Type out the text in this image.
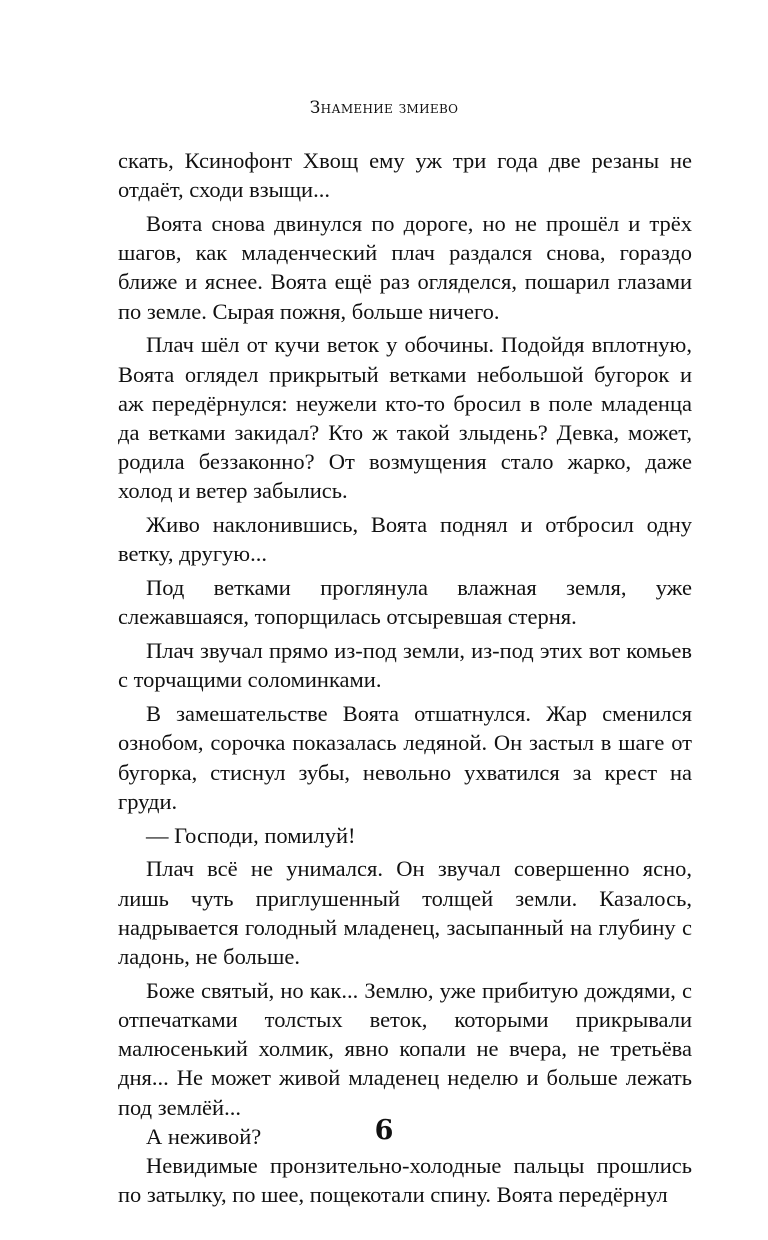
Знамение змиево

скать, Ксинофонт Хвощ ему уж три года две резаны не отдаёт, сходи взыщи...

Воята снова двинулся по дороге, но не прошёл и трёх шагов, как младенческий плач раздался снова, гораздо ближе и яснее. Воята ещё раз огляделся, пошарил глазами по земле. Сырая пожня, больше ничего.

Плач шёл от кучи веток у обочины. Подойдя вплотную, Воята оглядел прикрытый ветками небольшой бугорок и аж передёрнулся: неужели кто-то бросил в поле младенца да ветками закидал? Кто ж такой злыдень? Девка, может, родила беззаконно? От возмущения стало жарко, даже холод и ветер забылись.

Живо наклонившись, Воята поднял и отбросил одну ветку, другую...

Под ветками проглянула влажная земля, уже слежавшаяся, топорщилась отсыревшая стерня.

Плач звучал прямо из-под земли, из-под этих вот комьев с торчащими соломинками.

В замешательстве Воята отшатнулся. Жар сменился ознобом, сорочка показалась ледяной. Он застыл в шаге от бугорка, стиснул зубы, невольно ухватился за крест на груди.

— Господи, помилуй!

Плач всё не унимался. Он звучал совершенно ясно, лишь чуть приглушенный толщей земли. Казалось, надрывается голодный младенец, засыпанный на глубину с ладонь, не больше.

Боже святый, но как... Землю, уже прибитую дождями, с отпечатками толстых веток, которыми прикрывали малюсенький холмик, явно копали не вчера, не третьёва дня... Не может живой младенец неделю и больше лежать под землёй...

А неживой?

Невидимые пронзительно-холодные пальцы прошлись по затылку, по шее, пощекотали спину. Воята передёрнул

6
